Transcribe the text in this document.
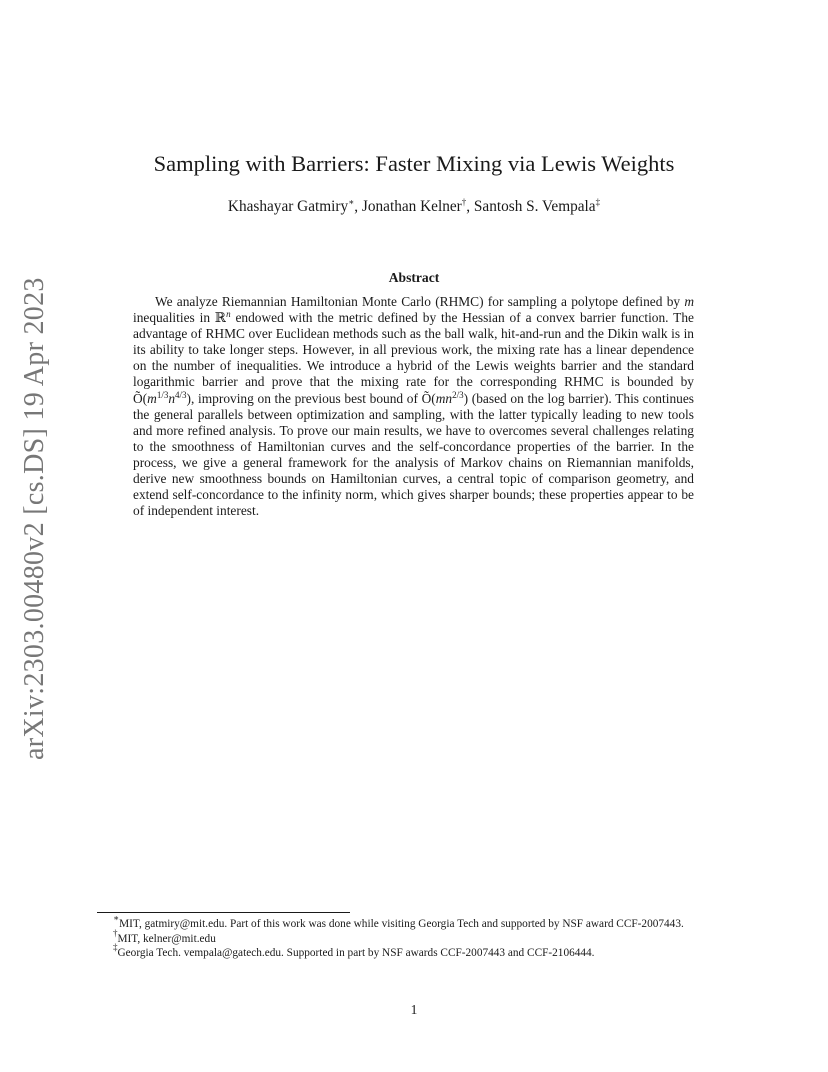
arXiv:2303.00480v2 [cs.DS] 19 Apr 2023
Sampling with Barriers: Faster Mixing via Lewis Weights
Khashayar Gatmiry∗, Jonathan Kelner†, Santosh S. Vempala‡
Abstract
We analyze Riemannian Hamiltonian Monte Carlo (RHMC) for sampling a polytope defined by m inequalities in ℝ$^n$ endowed with the metric defined by the Hessian of a convex barrier function. The advantage of RHMC over Euclidean methods such as the ball walk, hit-and-run and the Dikin walk is in its ability to take longer steps. However, in all previous work, the mixing rate has a linear dependence on the number of inequalities. We introduce a hybrid of the Lewis weights barrier and the standard logarithmic barrier and prove that the mixing rate for the corresponding RHMC is bounded by $Õ(m^{1/3}n^{4/3})$, improving on the previous best bound of $Õ(mn^{2/3})$ (based on the log barrier). This continues the general parallels between optimization and sampling, with the latter typically leading to new tools and more refined analysis. To prove our main results, we have to overcomes several challenges relating to the smoothness of Hamiltonian curves and the self-concordance properties of the barrier. In the process, we give a general framework for the analysis of Markov chains on Riemannian manifolds, derive new smoothness bounds on Hamiltonian curves, a central topic of comparison geometry, and extend self-concordance to the infinity norm, which gives sharper bounds; these properties appear to be of independent interest.

∗MIT, gatmiry@mit.edu. Part of this work was done while visiting Georgia Tech and supported by NSF award CCF-2007443.

†MIT, kelner@mit.edu

‡Georgia Tech. vempala@gatech.edu. Supported in part by NSF awards CCF-2007443 and CCF-2106444.

1
